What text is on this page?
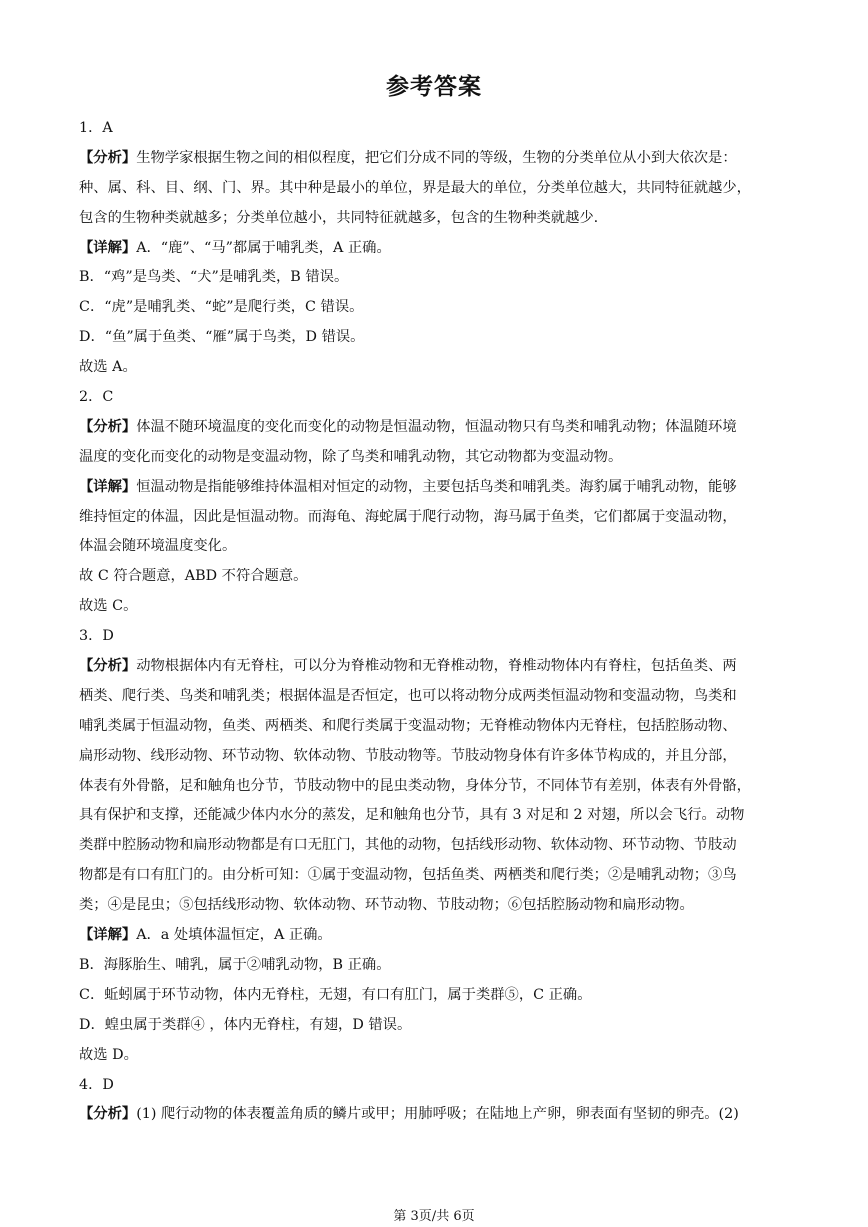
参考答案
1．A
【分析】生物学家根据生物之间的相似程度，把它们分成不同的等级，生物的分类单位从小到大依次是：
种、属、科、目、纲、门、界。其中种是最小的单位，界是最大的单位，分类单位越大，共同特征就越少，
包含的生物种类就越多；分类单位越小，共同特征就越多，包含的生物种类就越少.
【详解】A．“鹿”、“马”都属于哺乳类，A 正确。
B．“鸡”是鸟类、“犬”是哺乳类，B 错误。
C．“虎”是哺乳类、“蛇”是爬行类，C 错误。
D．“鱼”属于鱼类、“雁”属于鸟类，D 错误。
故选 A。
2．C
【分析】体温不随环境温度的变化而变化的动物是恒温动物，恒温动物只有鸟类和哺乳动物；体温随环境
温度的变化而变化的动物是变温动物，除了鸟类和哺乳动物，其它动物都为变温动物。
【详解】恒温动物是指能够维持体温相对恒定的动物，主要包括鸟类和哺乳类。海豹属于哺乳动物，能够
维持恒定的体温，因此是恒温动物。而海龟、海蛇属于爬行动物，海马属于鱼类，它们都属于变温动物，
体温会随环境温度变化。
故 C 符合题意，ABD 不符合题意。
故选 C。
3．D
【分析】动物根据体内有无脊柱，可以分为脊椎动物和无脊椎动物，脊椎动物体内有脊柱，包括鱼类、两
栖类、爬行类、鸟类和哺乳类；根据体温是否恒定，也可以将动物分成两类恒温动物和变温动物，鸟类和
哺乳类属于恒温动物，鱼类、两栖类、和爬行类属于变温动物；无脊椎动物体内无脊柱，包括腔肠动物、
扁形动物、线形动物、环节动物、软体动物、节肢动物等。节肢动物身体有许多体节构成的，并且分部，
体表有外骨骼，足和触角也分节，节肢动物中的昆虫类动物，身体分节，不同体节有差别，体表有外骨骼，
具有保护和支撑，还能减少体内水分的蒸发，足和触角也分节，具有 3 对足和 2 对翅，所以会飞行。动物
类群中腔肠动物和扁形动物都是有口无肛门，其他的动物，包括线形动物、软体动物、环节动物、节肢动
物都是有口有肛门的。由分析可知：①属于变温动物，包括鱼类、两栖类和爬行类；②是哺乳动物；③鸟
类；④是昆虫；⑤包括线形动物、软体动物、环节动物、节肢动物；⑥包括腔肠动物和扁形动物。
【详解】A．a 处填体温恒定，A 正确。
B．海豚胎生、哺乳，属于②哺乳动物，B 正确。
C．蚯蚓属于环节动物，体内无脊柱，无翅，有口有肛门，属于类群⑤，C 正确。
D．蝗虫属于类群④ ，体内无脊柱，有翅，D 错误。
故选 D。
4．D
【分析】(1) 爬行动物的体表覆盖角质的鳞片或甲；用肺呼吸；在陆地上产卵，卵表面有坚韧的卵壳。(2)
第 3页/共 6页
